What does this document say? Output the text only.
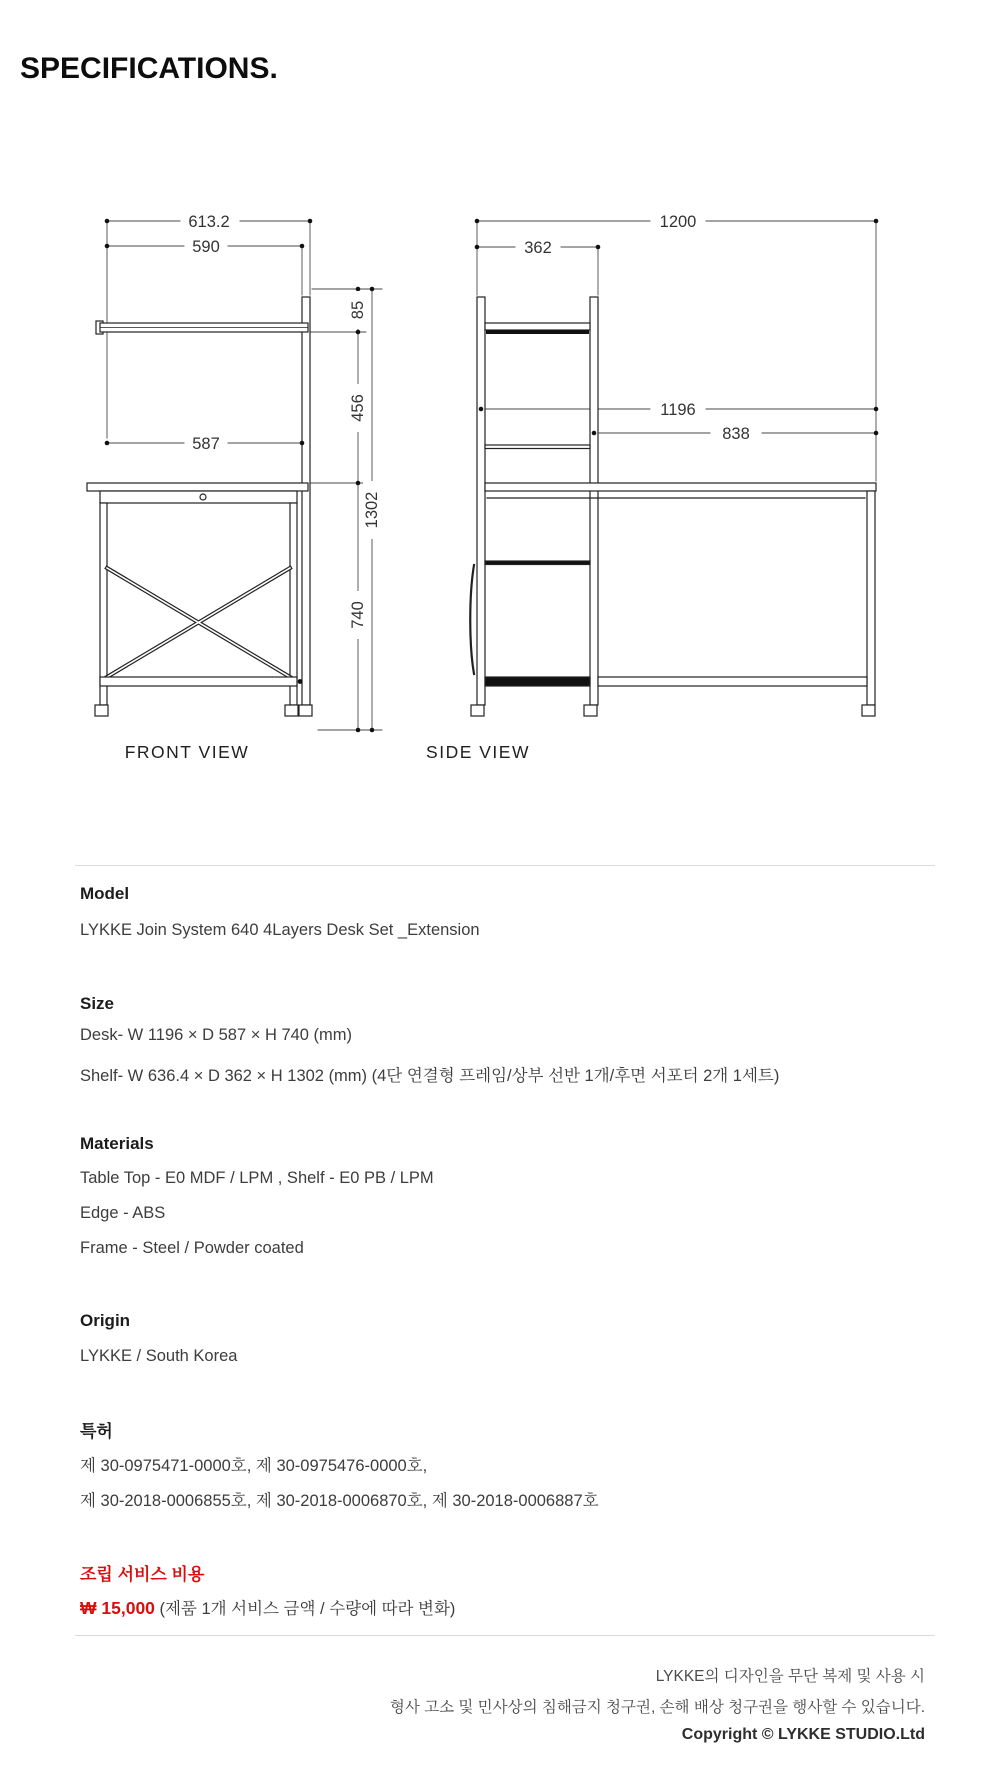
SPECIFICATIONS.
613.2
590
587
85
456
740
1302
FRONT VIEW
1200
362
1196
838
SIDE VIEW
Model
LYKKE Join System 640 4Layers Desk Set _Extension
Size
Desk- W 1196 × D 587 × H 740 (mm)
Shelf- W 636.4 × D 362 × H 1302 (mm) (4단 연결형 프레임/상부 선반 1개/후면 서포터 2개 1세트)
Materials
Table Top - E0 MDF / LPM , Shelf - E0 PB / LPM
Edge - ABS
Frame - Steel / Powder coated
Origin
LYKKE / South Korea
특허
제 30-0975471-0000호, 제 30-0975476-0000호,
제 30-2018-0006855호, 제 30-2018-0006870호, 제 30-2018-0006887호
조립 서비스 비용
₩ 15,000 (제품 1개 서비스 금액 / 수량에 따라 변화)
LYKKE의 디자인을 무단 복제 및 사용 시
형사 고소 및 민사상의 침해금지 청구권, 손해 배상 청구권을 행사할 수 있습니다.
Copyright © LYKKE STUDIO.Ltd
